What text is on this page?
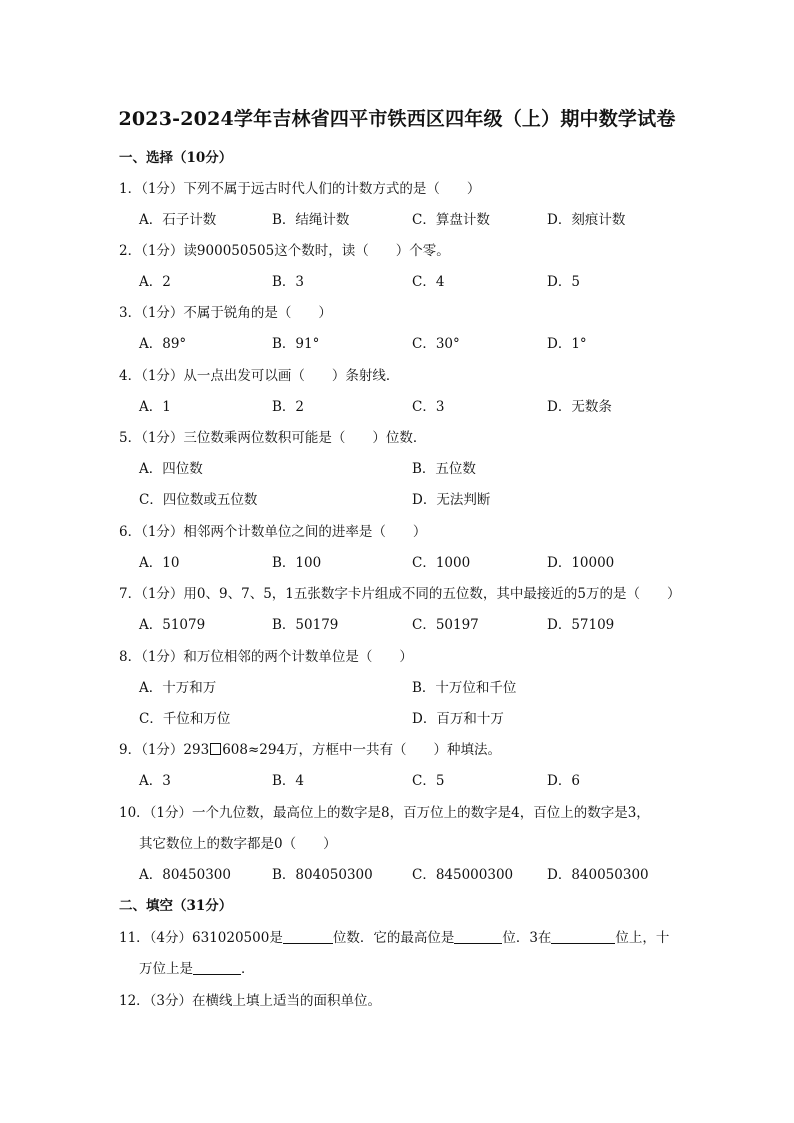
2023-2024学年吉林省四平市铁西区四年级（上）期中数学试卷
一、选择（10分）
1．（1分）下列不属于远古时代人们的计数方式的是（　　）
A．石子计数	B．结绳计数	C．算盘计数	D．刻痕计数
2．（1分）读900050505这个数时，读（　　）个零。
A．2	B．3	C．4	D．5
3．（1分）不属于锐角的是（　　）
A．89°	B．91°	C．30°	D．1°
4．（1分）从一点出发可以画（　　）条射线．
A．1	B．2	C．3	D．无数条
5．（1分）三位数乘两位数积可能是（　　）位数．
A．四位数	B．五位数
C．四位数或五位数	D．无法判断
6．（1分）相邻两个计数单位之间的进率是（　　）
A．10	B．100	C．1000	D．10000
7．（1分）用0、9、7、5，1五张数字卡片组成不同的五位数，其中最接近的5万的是（　　）
A．51079	B．50179	C．50197	D．57109
8．（1分）和万位相邻的两个计数单位是（　　）
A．十万和万	B．十万位和千位
C．千位和万位	D．百万和十万
9．（1分）293 608≈294万，方框中一共有（　　）种填法。
A．3	B．4	C．5	D．6
10．（1分）一个九位数，最高位上的数字是8，百万位上的数字是4，百位上的数字是3，
其它数位上的数字都是0（　　）
A．80450300	B．804050300	C．845000300	D．840050300
二、填空（31分）
11．（4分）631020500是	位数．它的最高位是	位．3在	位上，十
万位上是	．
12．（3分）在横线上填上适当的面积单位。
